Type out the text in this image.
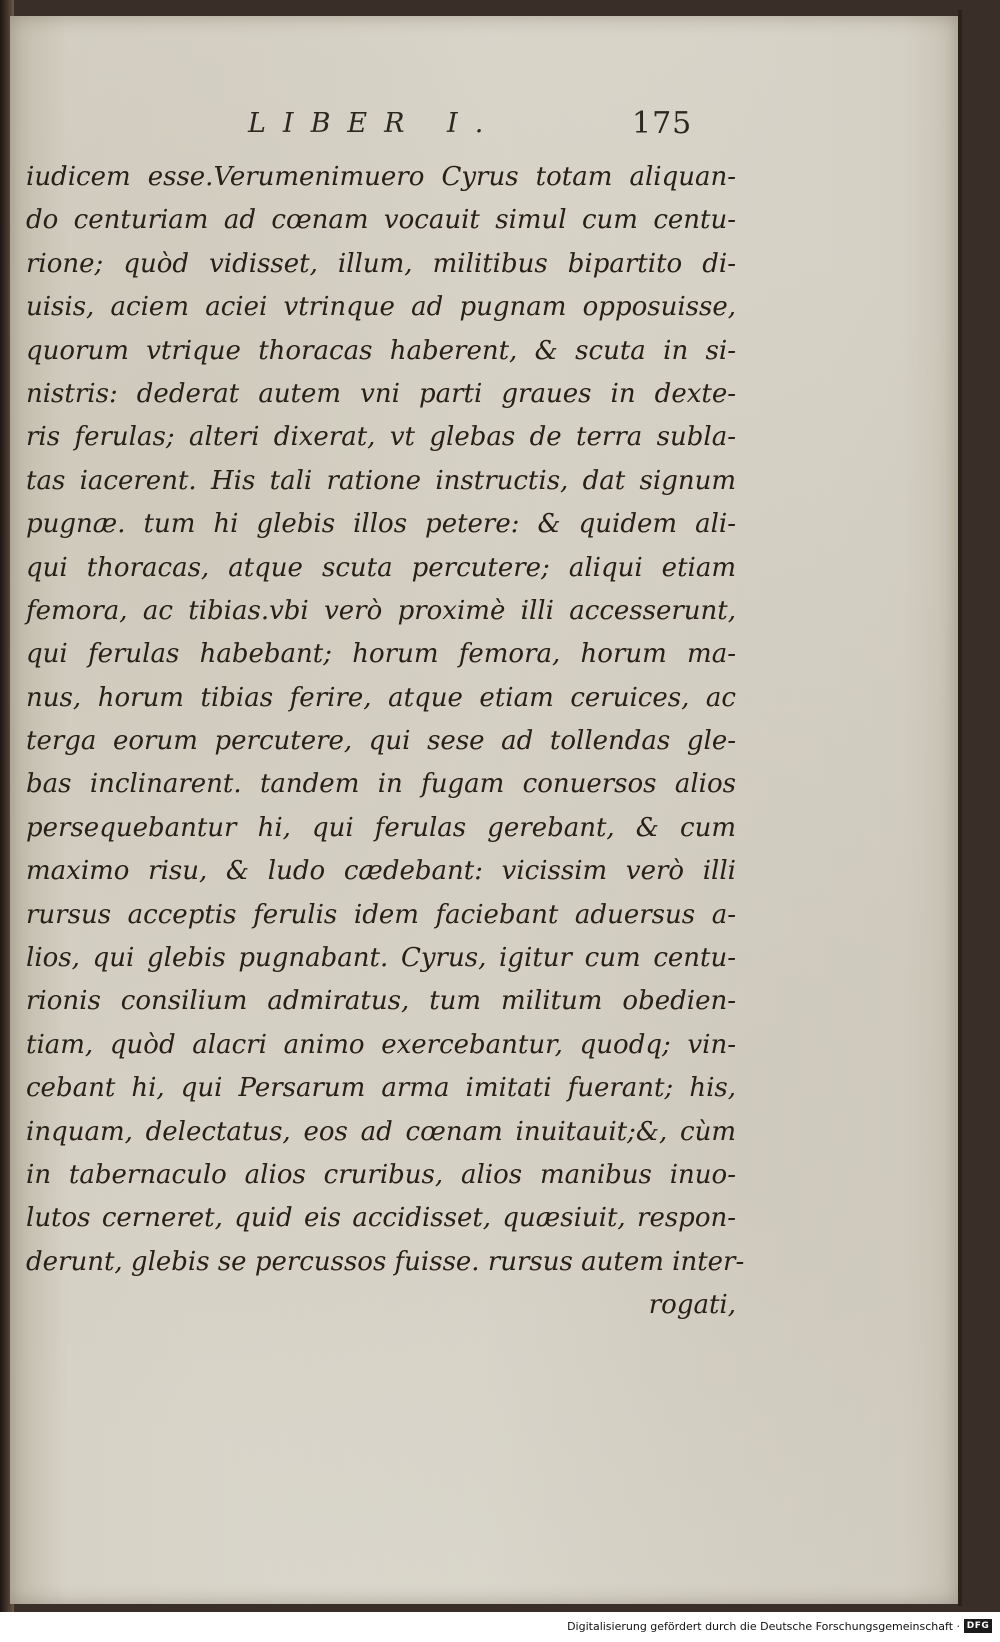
LIBER I.	175
iudicem esse.Verumenimuero Cyrus totam aliquan-
do centuriam ad cœnam vocauit simul cum centu-
rione; quòd vidisset, illum, militibus bipartito di-
uisis, aciem aciei vtrinque ad pugnam opposuisse,
quorum vtrique thoracas haberent, & scuta in si-
nistris: dederat autem vni parti graues in dexte-
ris ferulas; alteri dixerat, vt glebas de terra subla-
tas iacerent. His tali ratione instructis, dat signum
pugnæ. tum hi glebis illos petere: & quidem ali-
qui thoracas, atque scuta percutere; aliqui etiam
femora, ac tibias.vbi verò proximè illi accesserunt,
qui ferulas habebant; horum femora, horum ma-
nus, horum tibias ferire, atque etiam ceruices, ac
terga eorum percutere, qui sese ad tollendas gle-
bas inclinarent. tandem in fugam conuersos alios
persequebantur hi, qui ferulas gerebant, & cum
maximo risu, & ludo cædebant: vicissim verò illi
rursus acceptis ferulis idem faciebant aduersus a-
lios, qui glebis pugnabant. Cyrus, igitur cum centu-
rionis consilium admiratus, tum militum obedien-
tiam, quòd alacri animo exercebantur, quodq; vin-
cebant hi, qui Persarum arma imitati fuerant; his,
inquam, delectatus, eos ad cœnam inuitauit;&, cùm
in tabernaculo alios cruribus, alios manibus inuo-
lutos cerneret, quid eis accidisset, quæsiuit, respon-
derunt, glebis se percussos fuisse. rursus autem inter-
rogati,
Digitalisierung gefördert durch die Deutsche Forschungsgemeinschaft · DFG
